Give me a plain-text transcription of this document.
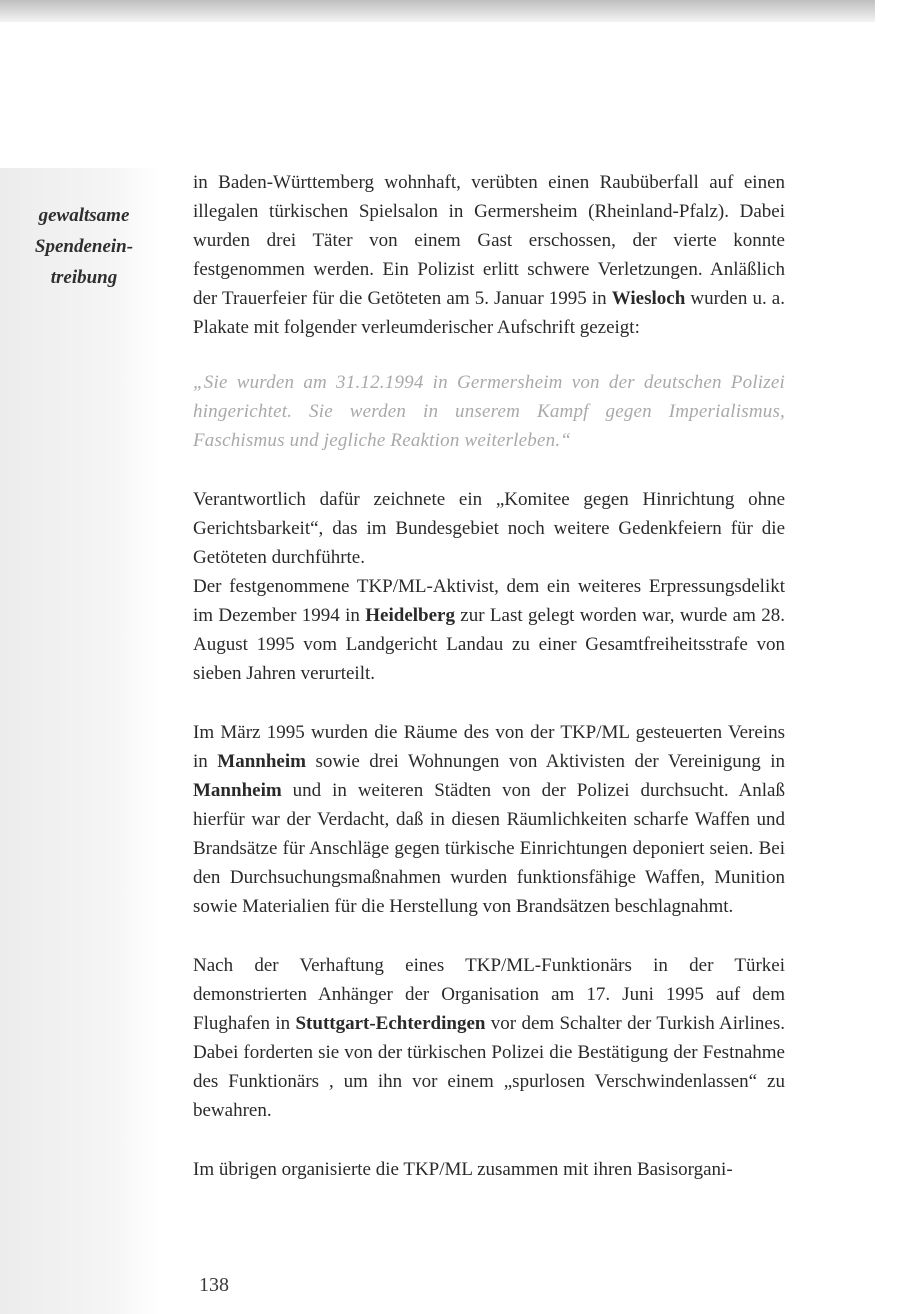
gewaltsame
Spendenein-
treibung

in Baden-Württemberg wohnhaft, verübten einen Raubüberfall auf einen illegalen türkischen Spielsalon in Germersheim (Rheinland-Pfalz). Dabei wurden drei Täter von einem Gast erschossen, der vierte konnte festgenommen werden. Ein Polizist erlitt schwere Verletzungen. Anläßlich der Trauerfeier für die Getöteten am 5. Januar 1995 in Wiesloch wurden u. a. Plakate mit folgender verleumderischer Aufschrift gezeigt:

„Sie wurden am 31.12.1994 in Germersheim von der deutschen Polizei hingerichtet. Sie werden in unserem Kampf gegen Imperialismus, Faschismus und jegliche Reaktion weiterleben.“

Verantwortlich dafür zeichnete ein „Komitee gegen Hinrichtung ohne Gerichtsbarkeit“, das im Bundesgebiet noch weitere Gedenkfeiern für die Getöteten durchführte.

Der festgenommene TKP/ML-Aktivist, dem ein weiteres Erpressungsdelikt im Dezember 1994 in Heidelberg zur Last gelegt worden war, wurde am 28. August 1995 vom Landgericht Landau zu einer Gesamtfreiheitsstrafe von sieben Jahren verurteilt.

Im März 1995 wurden die Räume des von der TKP/ML gesteuerten Vereins in Mannheim sowie drei Wohnungen von Aktivisten der Vereinigung in Mannheim und in weiteren Städten von der Polizei durchsucht. Anlaß hierfür war der Verdacht, daß in diesen Räumlichkeiten scharfe Waffen und Brandsätze für Anschläge gegen türkische Einrichtungen deponiert seien. Bei den Durchsuchungsmaßnahmen wurden funktionsfähige Waffen, Munition sowie Materialien für die Herstellung von Brandsätzen beschlagnahmt.

Nach der Verhaftung eines TKP/ML-Funktionärs in der Türkei demonstrierten Anhänger der Organisation am 17. Juni 1995 auf dem Flughafen in Stuttgart-Echterdingen vor dem Schalter der Turkish Airlines. Dabei forderten sie von der türkischen Polizei die Bestätigung der Festnahme des Funktionärs , um ihn vor einem „spurlosen Verschwindenlassen“ zu bewahren.

Im übrigen organisierte die TKP/ML zusammen mit ihren Basisorgani-

138
